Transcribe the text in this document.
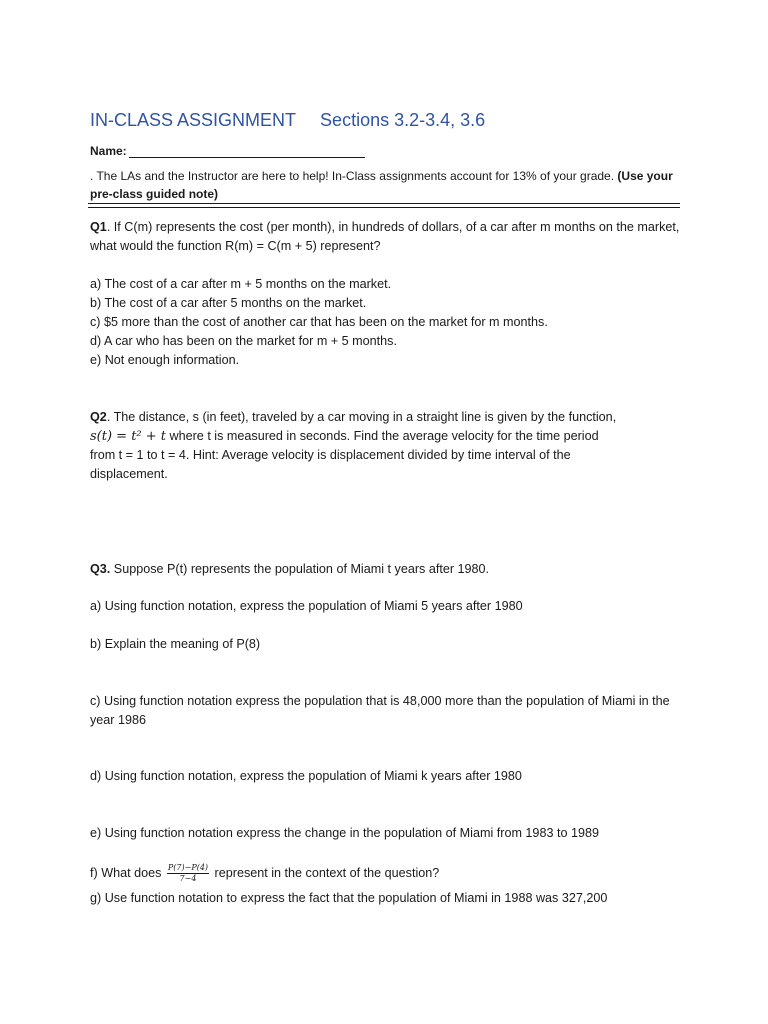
IN-CLASS ASSIGNMENT Sections 3.2-3.4, 3.6
Name:
. The LAs and the Instructor are here to help! In-Class assignments account for 13% of your grade. (Use your pre-class guided note)
Q1. If C(m) represents the cost (per month), in hundreds of dollars, of a car after m months on the market, what would the function R(m) = C(m + 5) represent?
a) The cost of a car after m + 5 months on the market.
b) The cost of a car after 5 months on the market.
c) $5 more than the cost of another car that has been on the market for m months.
d) A car who has been on the market for m + 5 months.
e) Not enough information.
Q2. The distance, s (in feet), traveled by a car moving in a straight line is given by the function,
s(t) = t² + t where t is measured in seconds. Find the average velocity for the time period
from t = 1 to t = 4. Hint: Average velocity is displacement divided by time interval of the
displacement.
Q3. Suppose P(t) represents the population of Miami t years after 1980.
a) Using function notation, express the population of Miami 5 years after 1980
b) Explain the meaning of P(8)
c) Using function notation express the population that is 48,000 more than the population of Miami in the year 1986
d) Using function notation, express the population of Miami k years after 1980
e) Using function notation express the change in the population of Miami from 1983 to 1989
f) What does $\frac{P(7)-P(4)}{7-4}$ represent in the context of the question?
g) Use function notation to express the fact that the population of Miami in 1988 was 327,200
